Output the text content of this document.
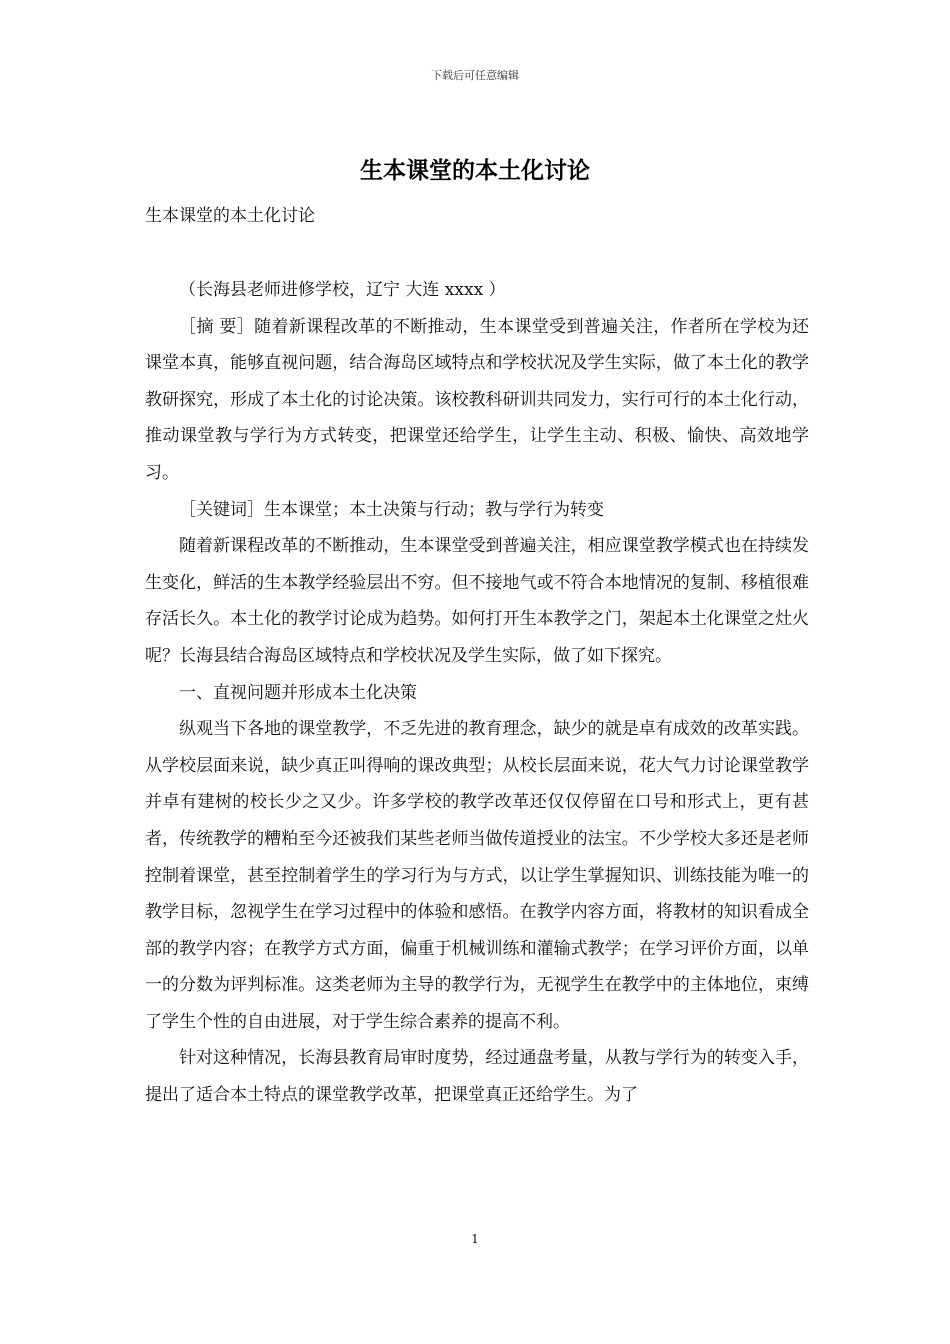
下载后可任意编辑
生本课堂的本土化讨论
生本课堂的本土化讨论

（长海县老师进修学校，辽宁 大连 xxxx ）

［摘 要］随着新课程改革的不断推动，生本课堂受到普遍关注，作者所在学校为还课堂本真，能够直视问题，结合海岛区域特点和学校状况及学生实际，做了本土化的教学教研探究，形成了本土化的讨论决策。该校教科研训共同发力，实行可行的本土化行动，推动课堂教与学行为方式转变，把课堂还给学生，让学生主动、积极、愉快、高效地学习。

［关键词］生本课堂；本土决策与行动；教与学行为转变

随着新课程改革的不断推动，生本课堂受到普遍关注，相应课堂教学模式也在持续发生变化，鲜活的生本教学经验层出不穷。但不接地气或不符合本地情况的复制、移植很难存活长久。本土化的教学讨论成为趋势。如何打开生本教学之门，架起本土化课堂之灶火呢？长海县结合海岛区域特点和学校状况及学生实际，做了如下探究。

一、直视问题并形成本土化决策

纵观当下各地的课堂教学，不乏先进的教育理念，缺少的就是卓有成效的改革实践。从学校层面来说，缺少真正叫得响的课改典型；从校长层面来说，花大气力讨论课堂教学并卓有建树的校长少之又少。许多学校的教学改革还仅仅停留在口号和形式上，更有甚者，传统教学的糟粕至今还被我们某些老师当做传道授业的法宝。不少学校大多还是老师控制着课堂，甚至控制着学生的学习行为与方式，以让学生掌握知识、训练技能为唯一的教学目标，忽视学生在学习过程中的体验和感悟。在教学内容方面，将教材的知识看成全部的教学内容；在教学方式方面，偏重于机械训练和灌输式教学；在学习评价方面，以单一的分数为评判标准。这类老师为主导的教学行为，无视学生在教学中的主体地位，束缚了学生个性的自由进展，对于学生综合素养的提高不利。

针对这种情况，长海县教育局审时度势，经过通盘考量，从教与学行为的转变入手，提出了适合本土特点的课堂教学改革，把课堂真正还给学生。为了

1
